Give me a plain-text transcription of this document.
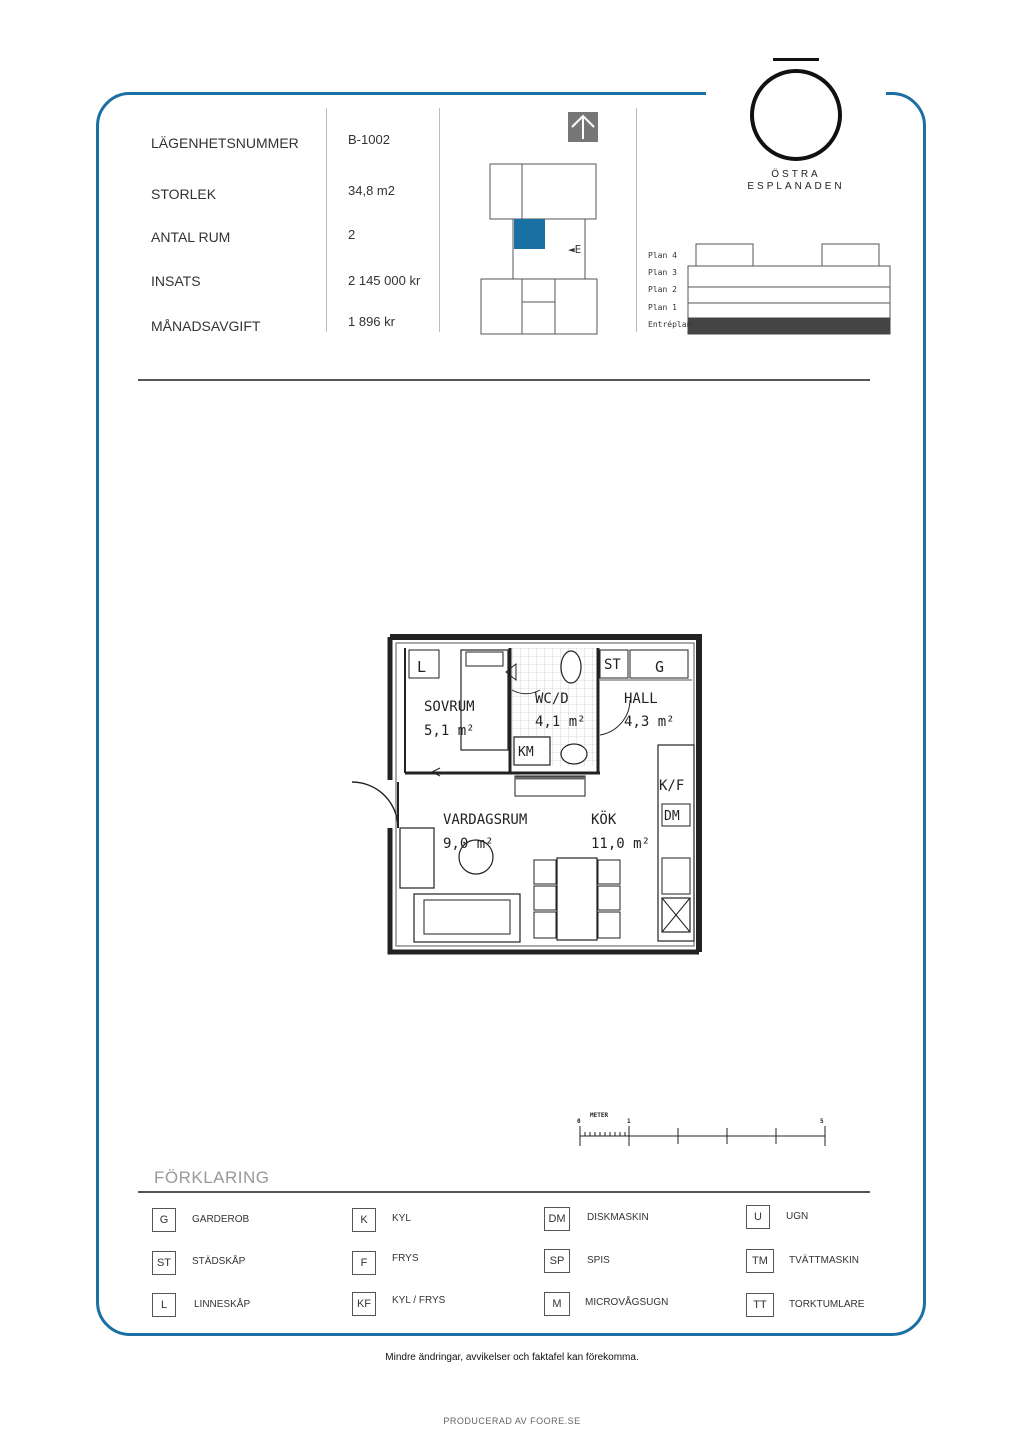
ÖSTRA
ESPLANADEN
LÄGENHETSNUMMER	B-1002
STORLEK	34,8 m2
ANTAL RUM	2
INSATS	2 145 000 kr
MÅNADSAVGIFT	1 896 kr
◄E	Plan 4
Plan 3
Plan 2
Plan 1
Entréplan
L
KM
ST G
K/F
DM
SOVRUM
5,1 m²
WC/D
4,1 m²
HALL
4,3 m²
VARDAGSRUM
9,0 m²
KÖK
11,0 m²
METER
0	1	5
FÖRKLARING
G	GARDEROB	K	KYL	DM	DISKMASKIN	U	UGN
ST	STÄDSKÅP	F	FRYS	SP	SPIS	TM	TVÄTTMASKIN
L	LINNESKÅP	KF	KYL / FRYS	M	MICROVÅGSUGN	TT	TORKTUMLARE
Mindre ändringar, avvikelser och faktafel kan förekomma.
PRODUCERAD AV FOORE.SE
